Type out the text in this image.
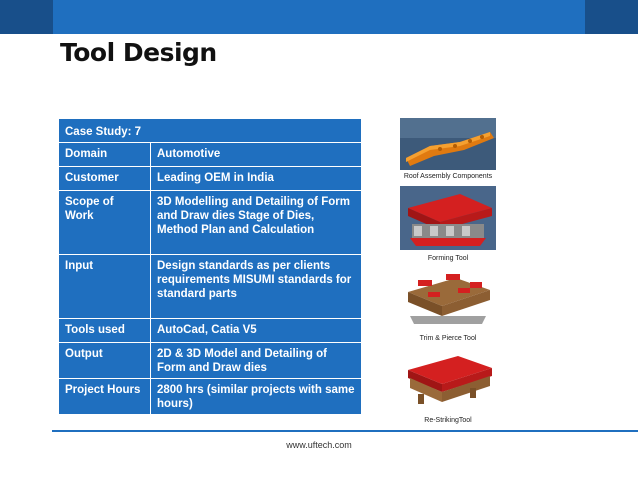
Tool Design
Case Study: 7	
Domain	Automotive
Customer	Leading OEM in India
Scope of Work	3D Modelling and Detailing of Form and Draw dies Stage of Dies, Method Plan and Calculation
Input	Design standards as per clients requirements MISUMI standards for standard parts
Tools used	AutoCad, Catia V5
Output	2D & 3D Model and Detailing of Form and Draw dies
Project Hours	2800 hrs (similar projects with same hours)
Roof Assembly Components
Forming Tool
Trim & Pierce Tool
Re-StrikingTool
www.uftech.com
